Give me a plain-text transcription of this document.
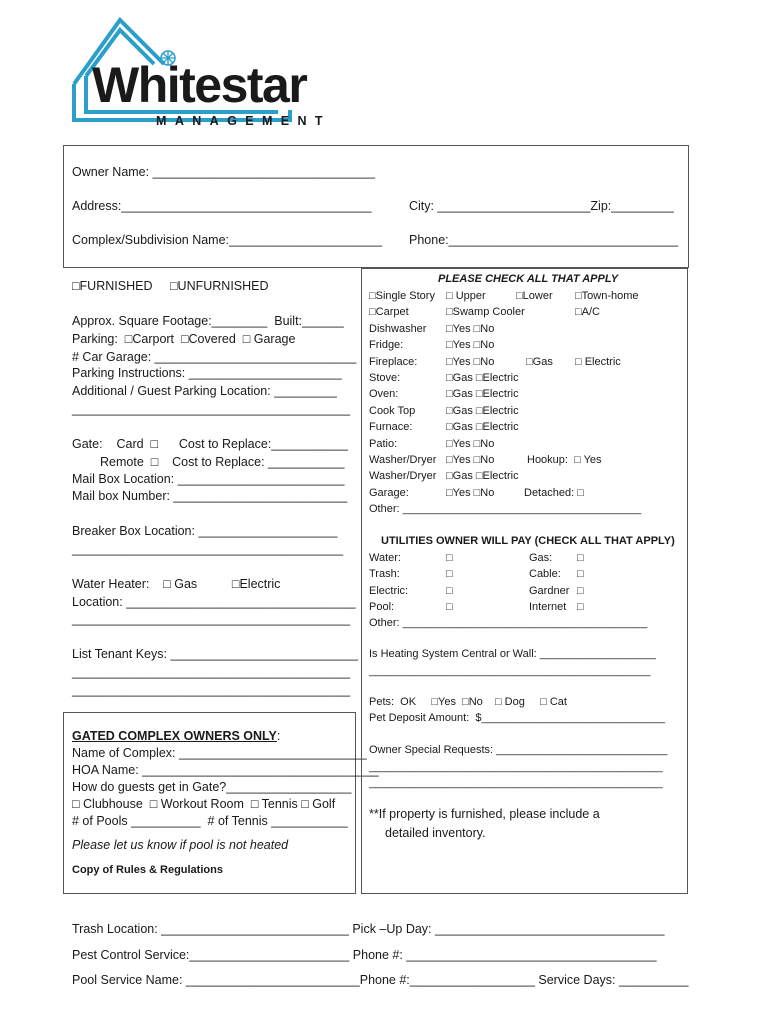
Whitestar
MANAGEMENT
Owner Name: ________________________________
Address:____________________________________	City: ______________________Zip:_________
Complex/Subdivision Name:______________________ Phone:_________________________________
□FURNISHED □UNFURNISHED
Approx. Square Footage:________  Built:______
Parking:  □Carport  □Covered  □ Garage
# Car Garage: _____________________________
Parking Instructions: ______________________
Additional / Guest Parking Location: _________
________________________________________
Gate:    Card  □      Cost to Replace:___________
Remote  □    Cost to Replace: ___________
Mail Box Location: ________________________
Mail box Number: _________________________
Breaker Box Location: ____________________
_______________________________________
Water Heater:    □ Gas          □Electric
Location: _________________________________
________________________________________
List Tenant Keys: ___________________________
________________________________________
________________________________________
GATED COMPLEX OWNERS ONLY:
Name of Complex: ___________________________
HOA Name: __________________________________
How do guests get in Gate?__________________
□ Clubhouse  □ Workout Room  □ Tennis □ Golf
# of Pools __________  # of Tennis ___________
Please let us know if pool is not heated
Copy of Rules & Regulations
PLEASE CHECK ALL THAT APPLY
□Single Story □ Upper	□Lower □Town-home
□Carpet	□Swamp Cooler	□A/C
Dishwasher □Yes □No
Fridge:	□Yes □No
Fireplace:	□Yes □No	□Gas □ Electric
Stove:	□Gas □Electric
Oven:	□Gas □Electric
Cook Top	□Gas □Electric
Furnace:	□Gas □Electric
Patio:	□Yes □No
Washer/Dryer □Yes □No	Hookup:  □ Yes
Washer/Dryer □Gas □Electric
Garage:	□Yes □No	Detached: □
Other: _______________________________________
UTILITIES OWNER WILL PAY (CHECK ALL THAT APPLY)
Water:	□	Gas: □
Trash:	□	Cable: □
Electric:	□	Gardner □
Pool:	□	Internet □
Other: ________________________________________
Is Heating System Central or Wall: ___________________
______________________________________________
Pets:  OK     □Yes  □No    □ Dog     □ Cat
Pet Deposit Amount:  $______________________________
Owner Special Requests: ____________________________
________________________________________________
________________________________________________
**If property is furnished, please include a
detailed inventory.
Trash Location: ___________________________ Pick –Up Day: _________________________________
Pest Control Service:_______________________ Phone #: ____________________________________
Pool Service Name: _________________________Phone #:__________________ Service Days: __________
